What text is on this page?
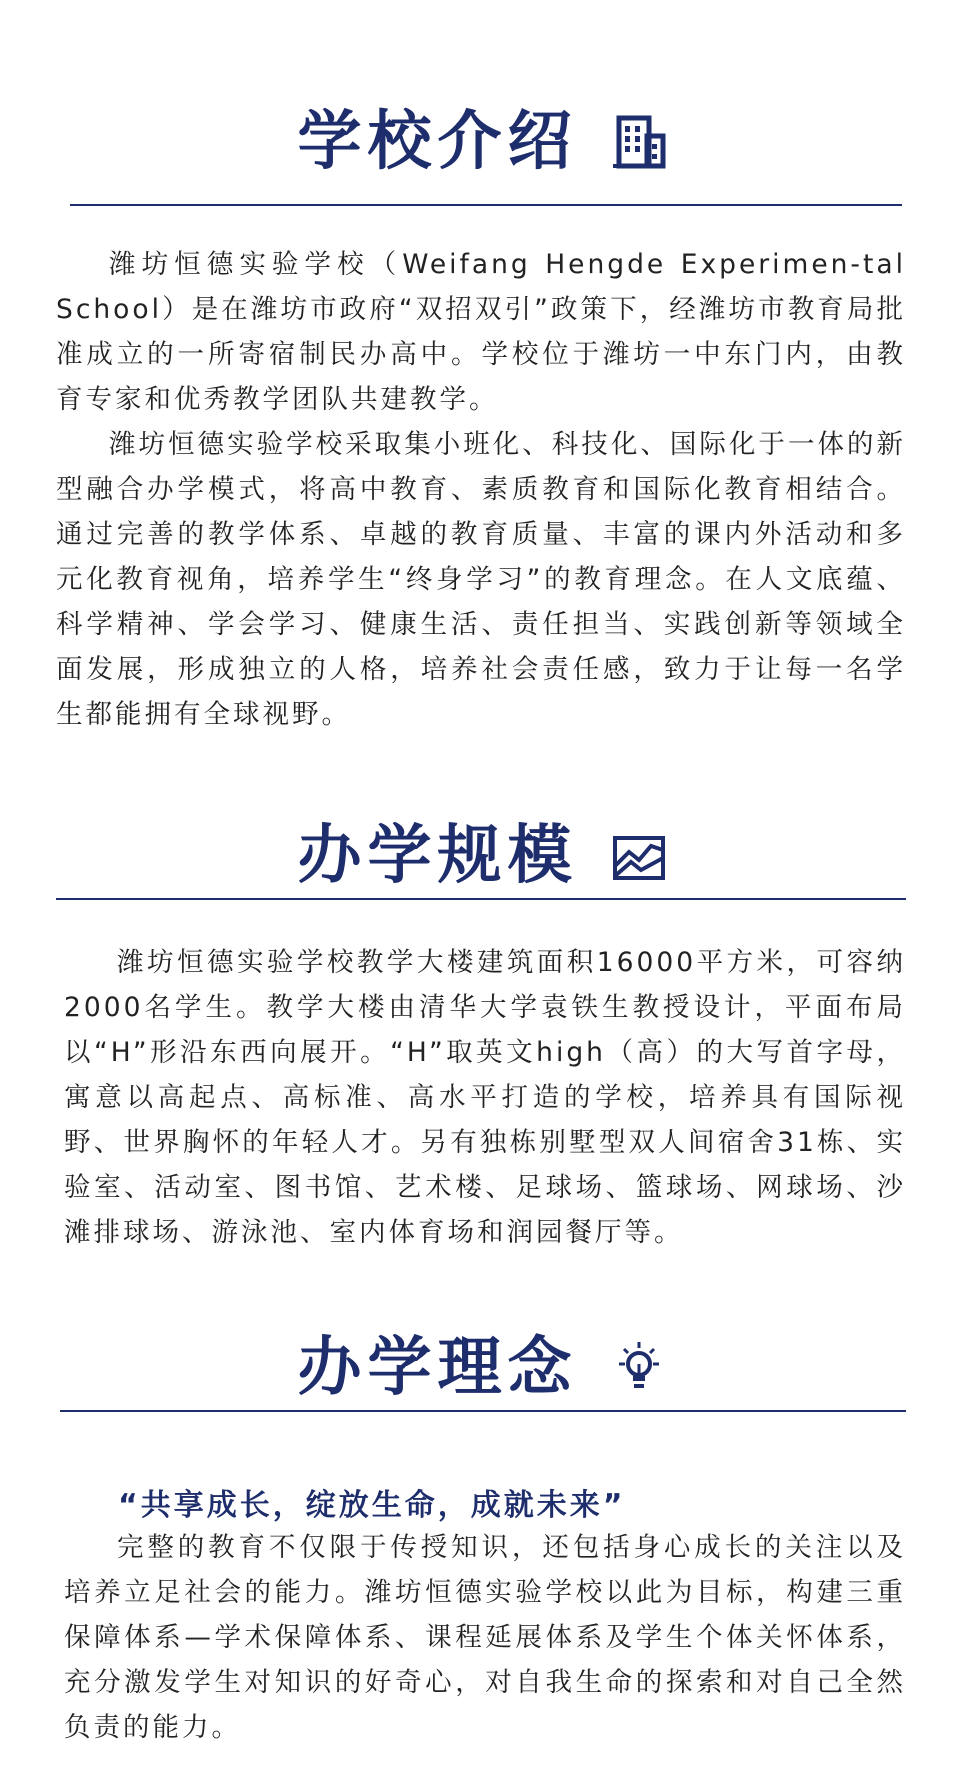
学校介绍

潍坊恒德实验学校（Weifang Hengde Experimen-tal School）是在潍坊市政府“双招双引”政策下，经潍坊市教育局批准成立的一所寄宿制民办高中。学校位于潍坊一中东门内，由教育专家和优秀教学团队共建教学。

潍坊恒德实验学校采取集小班化、科技化、国际化于一体的新型融合办学模式，将高中教育、素质教育和国际化教育相结合。通过完善的教学体系、卓越的教育质量、丰富的课内外活动和多元化教育视角，培养学生“终身学习”的教育理念。在人文底蕴、科学精神、学会学习、健康生活、责任担当、实践创新等领域全面发展，形成独立的人格，培养社会责任感，致力于让每一名学生都能拥有全球视野。

办学规模

潍坊恒德实验学校教学大楼建筑面积16000平方米，可容纳2000名学生。教学大楼由清华大学袁铁生教授设计，平面布局以“H”形沿东西向展开。“H”取英文high（高）的大写首字母，寓意以高起点、高标准、高水平打造的学校，培养具有国际视野、世界胸怀的年轻人才。另有独栋别墅型双人间宿舍31栋、实验室、活动室、图书馆、艺术楼、足球场、篮球场、网球场、沙滩排球场、游泳池、室内体育场和润园餐厅等。

办学理念
“共享成长，绽放生命，成就未来”

完整的教育不仅限于传授知识，还包括身心成长的关注以及培养立足社会的能力。潍坊恒德实验学校以此为目标，构建三重保障体系—学术保障体系、课程延展体系及学生个体关怀体系，充分激发学生对知识的好奇心，对自我生命的探索和对自己全然负责的能力。
